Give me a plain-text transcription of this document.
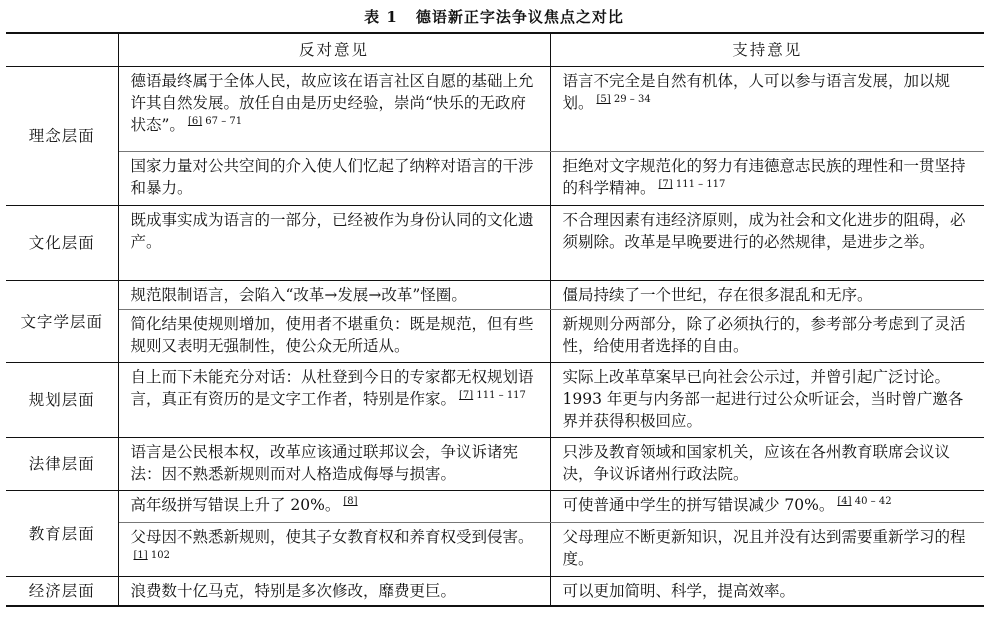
表 1 德语新正字法争议焦点之对比
	反对意见	支持意见
理念层面	德语最终属于全体人民，故应该在语言社区自愿的基础上允许其自然发展。放任自由是历史经验，崇尚“快乐的无政府状态”。 $^{[6] 67 - 71}$	语言不完全是自然有机体，人可以参与语言发展，加以规划。 $^{[5] 29 - 34}$
	国家力量对公共空间的介入使人们忆起了纳粹对语言的干涉和暴力。	拒绝对文字规范化的努力有违德意志民族的理性和一贯坚持的科学精神。 $^{[7] 111 - 117}$
文化层面	既成事实成为语言的一部分，已经被作为身份认同的文化遗产。	不合理因素有违经济原则，成为社会和文化进步的阻碍，必须剔除。改革是早晚要进行的必然规律，是进步之举。
文字学层面	规范限制语言，会陷入“改革→发展→改革”怪圈。	僵局持续了一个世纪，存在很多混乱和无序。
	简化结果使规则增加，使用者不堪重负：既是规范，但有些规则又表明无强制性，使公众无所适从。	新规则分两部分，除了必须执行的，参考部分考虑到了灵活性，给使用者选择的自由。
规划层面	自上而下未能充分对话：从杜登到今日的专家都无权规划语言，真正有资历的是文字工作者，特别是作家。 $^{[7] 111 - 117}$	实际上改革草案早已向社会公示过，并曾引起广泛讨论。1993 年更与内务部一起进行过公众听证会，当时曾广邀各界并获得积极回应。
法律层面	语言是公民根本权，改革应该通过联邦议会，争议诉诸宪法：因不熟悉新规则而对人格造成侮辱与损害。	只涉及教育领域和国家机关，应该在各州教育联席会议议决，争议诉诸州行政法院。
教育层面	高年级拼写错误上升了 20%。 [8]	可使普通中学生的拼写错误减少 70%。 $^{[4] 40 - 42}$
	父母因不熟悉新规则，使其子女教育权和养育权受到侵害。$^{[1] 102}$	父母理应不断更新知识，况且并没有达到需要重新学习的程度。
经济层面	浪费数十亿马克，特别是多次修改，靡费更巨。	可以更加简明、科学，提高效率。
